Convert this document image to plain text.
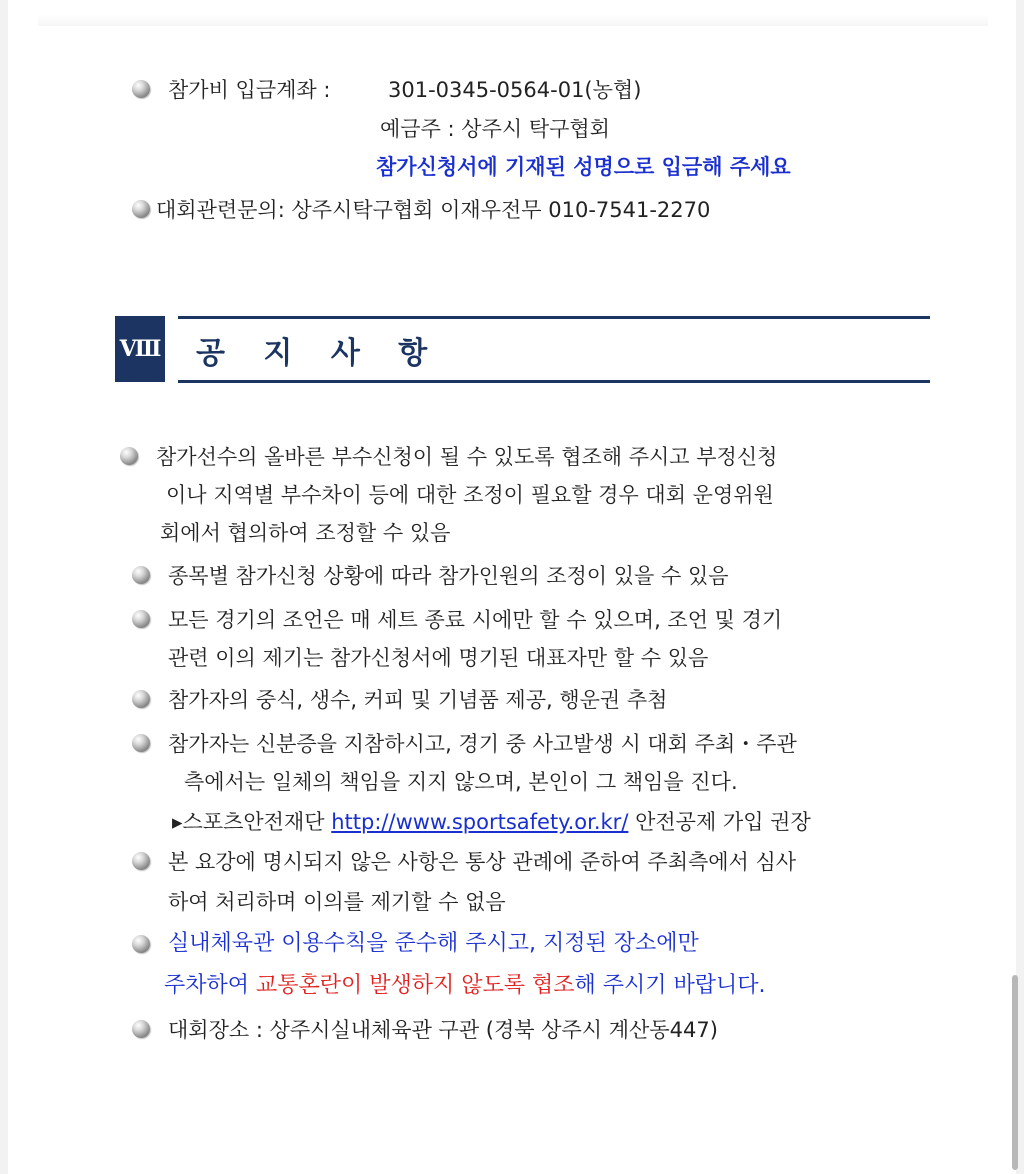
참가비 입금계좌 :	301-0345-0564-01(농협)
예금주 : 상주시 탁구협회
참가신청서에 기재된 성명으로 입금해 주세요
대회관련문의: 상주시탁구협회 이재우전무 010-7541-2270
Ⅷ 공 지 사 항
참가선수의 올바른 부수신청이 될 수 있도록 협조해 주시고 부정신청
이나 지역별 부수차이 등에 대한 조정이 필요할 경우 대회 운영위원
회에서 협의하여 조정할 수 있음
종목별 참가신청 상황에 따라 참가인원의 조정이 있을 수 있음
모든 경기의 조언은 매 세트 종료 시에만 할 수 있으며, 조언 및 경기
관련 이의 제기는 참가신청서에 명기된 대표자만 할 수 있음
참가자의 중식, 생수, 커피 및 기념품 제공, 행운권 추첨
참가자는 신분증을 지참하시고, 경기 중 사고발생 시 대회 주최・주관
측에서는 일체의 책임을 지지 않으며, 본인이 그 책임을 진다.
▸스포츠안전재단 http://www.sportsafety.or.kr/ 안전공제 가입 권장
본 요강에 명시되지 않은 사항은 통상 관례에 준하여 주최측에서 심사
하여 처리하며 이의를 제기할 수 없음
실내체육관 이용수칙을 준수해 주시고, 지정된 장소에만
주차하여 교통혼란이 발생하지 않도록 협조해 주시기 바랍니다.
대회장소 : 상주시실내체육관 구관 (경북 상주시 계산동447)
